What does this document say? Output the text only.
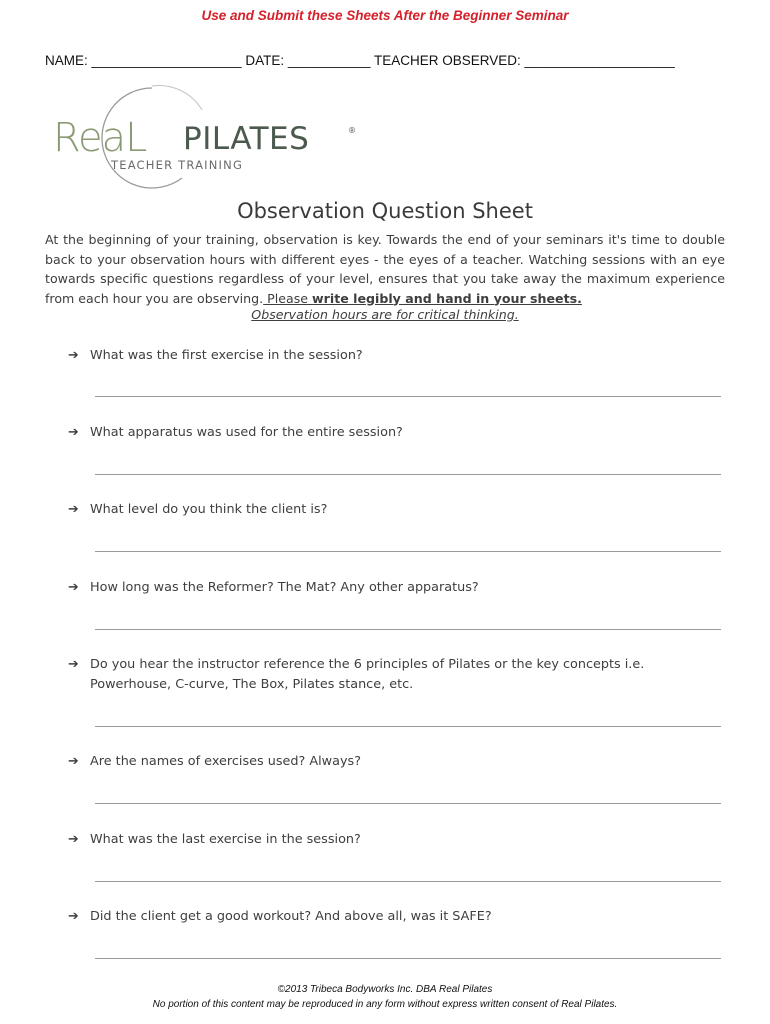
Use and Submit these Sheets After the Beginner Seminar
NAME: ____________________ DATE: ___________ TEACHER OBSERVED: ____________________
ReaL PILATES	®
TEACHER TRAINING
Observation Question Sheet
At the beginning of your training, observation is key. Towards the end of your seminars it's time to double back to your observation hours with different eyes - the eyes of a teacher. Watching sessions with an eye towards specific questions regardless of your level, ensures that you take away the maximum experience from each hour you are observing. Please write legibly and hand in your sheets.
Observation hours are for critical thinking.
➔ What was the first exercise in the session?
➔ What apparatus was used for the entire session?
➔ What level do you think the client is?
➔ How long was the Reformer? The Mat? Any other apparatus?
➔ Do you hear the instructor reference the 6 principles of Pilates or the key concepts i.e. Powerhouse, C-curve, The Box, Pilates stance, etc.
➔ Are the names of exercises used? Always?
➔ What was the last exercise in the session?
➔ Did the client get a good workout? And above all, was it SAFE?
©2013 Tribeca Bodyworks Inc. DBA Real Pilates
No portion of this content may be reproduced in any form without express written consent of Real Pilates.
